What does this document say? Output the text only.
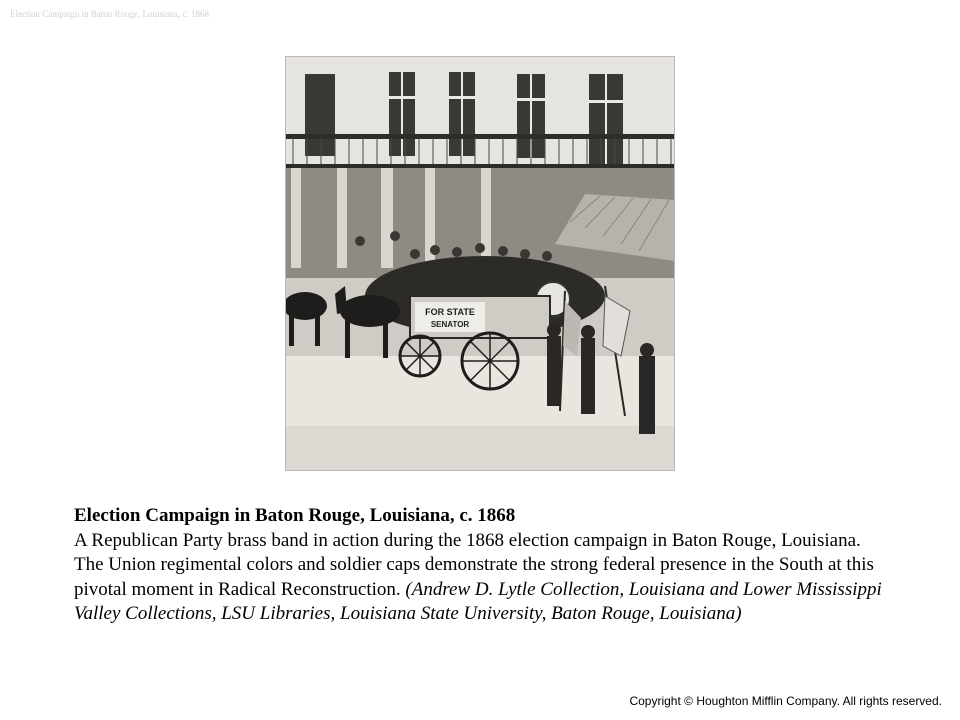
Election Campaign in Baton Rouge, Louisiana, c. 1868
FOR STATE
SENATOR
Election Campaign in Baton Rouge, Louisiana, c. 1868
A Republican Party brass band in action during the 1868 election campaign in Baton Rouge, Louisiana. The Union regimental colors and soldier caps demonstrate the strong federal presence in the South at this pivotal moment in Radical Reconstruction. (Andrew D. Lytle Collection, Louisiana and Lower Mississippi Valley Collections, LSU Libraries, Louisiana State University, Baton Rouge, Louisiana)
Copyright © Houghton Mifflin Company. All rights reserved.
